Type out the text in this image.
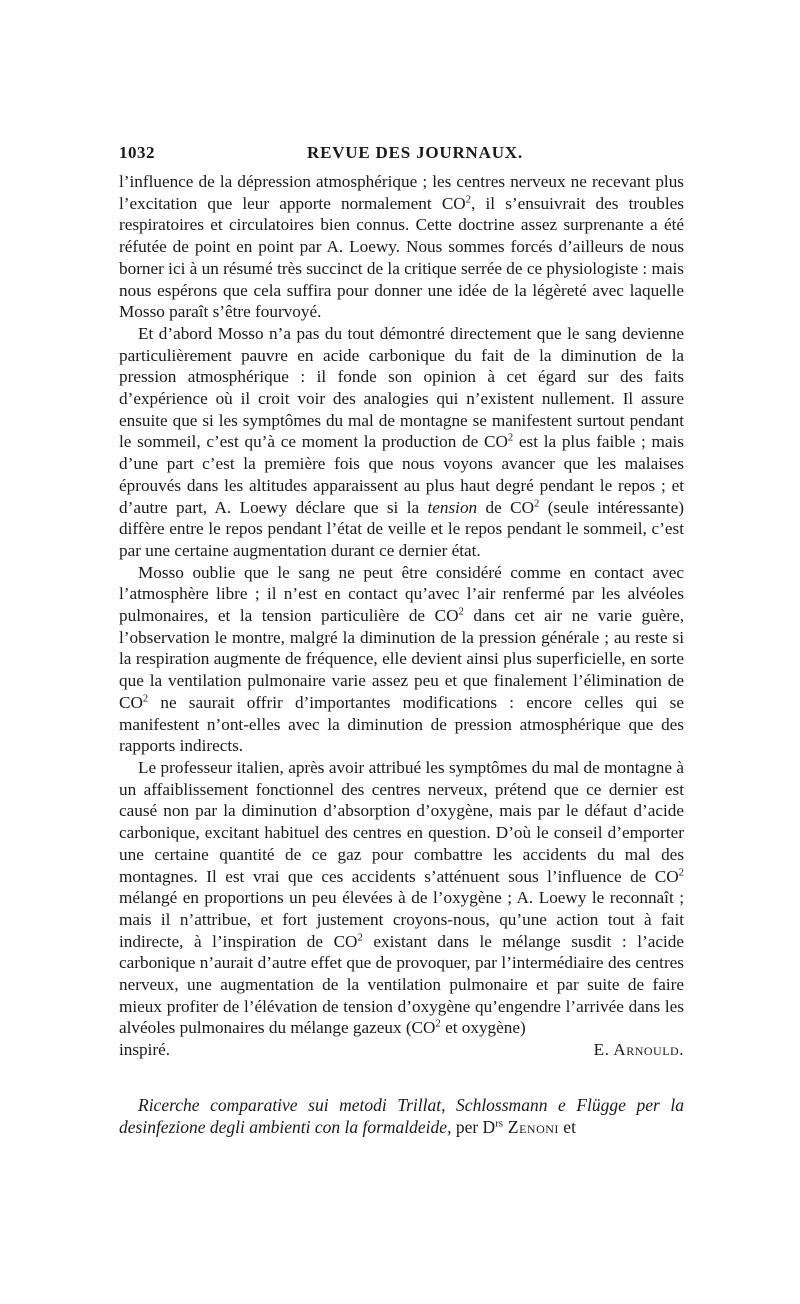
1032	REVUE DES JOURNAUX.

l’influence de la dépression atmosphérique ; les centres nerveux ne recevant plus l’excitation que leur apporte normalement $CO^2$, il s’ensuivrait des troubles respiratoires et circulatoires bien connus. Cette doctrine assez surprenante a été réfutée de point en point par A. Loewy. Nous sommes forcés d’ailleurs de nous borner ici à un résumé très succinct de la critique serrée de ce physiologiste : mais nous espérons que cela suffira pour donner une idée de la légèreté avec laquelle Mosso paraît s’être fourvoyé.

Et d’abord Mosso n’a pas du tout démontré directement que le sang devienne particulièrement pauvre en acide carbonique du fait de la diminution de la pression atmosphérique : il fonde son opinion à cet égard sur des faits d’expérience où il croit voir des analogies qui n’existent nullement. Il assure ensuite que si les symptômes du mal de montagne se manifestent surtout pendant le sommeil, c’est qu’à ce moment la production de $CO^2$ est la plus faible ; mais d’une part c’est la première fois que nous voyons avancer que les malaises éprouvés dans les altitudes apparaissent au plus haut degré pendant le repos ; et d’autre part, A. Loewy déclare que si la tension de $CO^2$ (seule intéressante) diffère entre le repos pendant l’état de veille et le repos pendant le sommeil, c’est par une certaine augmentation durant ce dernier état.

Mosso oublie que le sang ne peut être considéré comme en contact avec l’atmosphère libre ; il n’est en contact qu’avec l’air renfermé par les alvéoles pulmonaires, et la tension particulière de $CO^2$ dans cet air ne varie guère, l’observation le montre, malgré la diminution de la pression générale ; au reste si la respiration augmente de fréquence, elle devient ainsi plus superficielle, en sorte que la ventilation pulmonaire varie assez peu et que finalement l’élimination de $CO^2$ ne saurait offrir d’importantes modifications : encore celles qui se manifestent n’ont-elles avec la diminution de pression atmosphérique que des rapports indirects.

Le professeur italien, après avoir attribué les symptômes du mal de montagne à un affaiblissement fonctionnel des centres nerveux, prétend que ce dernier est causé non par la diminution d’absorption d’oxygène, mais par le défaut d’acide carbonique, excitant habituel des centres en question. D’où le conseil d’emporter une certaine quantité de ce gaz pour combattre les accidents du mal des montagnes. Il est vrai que ces accidents s’atténuent sous l’influence de $CO^2$ mélangé en proportions un peu élevées à de l’oxygène ; A. Loewy le reconnaît ; mais il n’attribue, et fort justement croyons-nous, qu’une action tout à fait indirecte, à l’inspiration de $CO^2$ existant dans le mélange susdit : l’acide carbonique n’aurait d’autre effet que de provoquer, par l’intermédiaire des centres nerveux, une augmentation de la ventilation pulmonaire et par suite de faire mieux profiter de l’élévation de tension d’oxygène qu’engendre l’arrivée dans les alvéoles pulmonaires du mélange gazeux ($CO^2$ et oxygène)

inspiré.	E. Arnould.

Ricerche comparative sui metodi Trillat, Schlossmann e Flügge per la desinfezione degli ambienti con la formaldeide, per $D^{rs}$ Zenoni et
